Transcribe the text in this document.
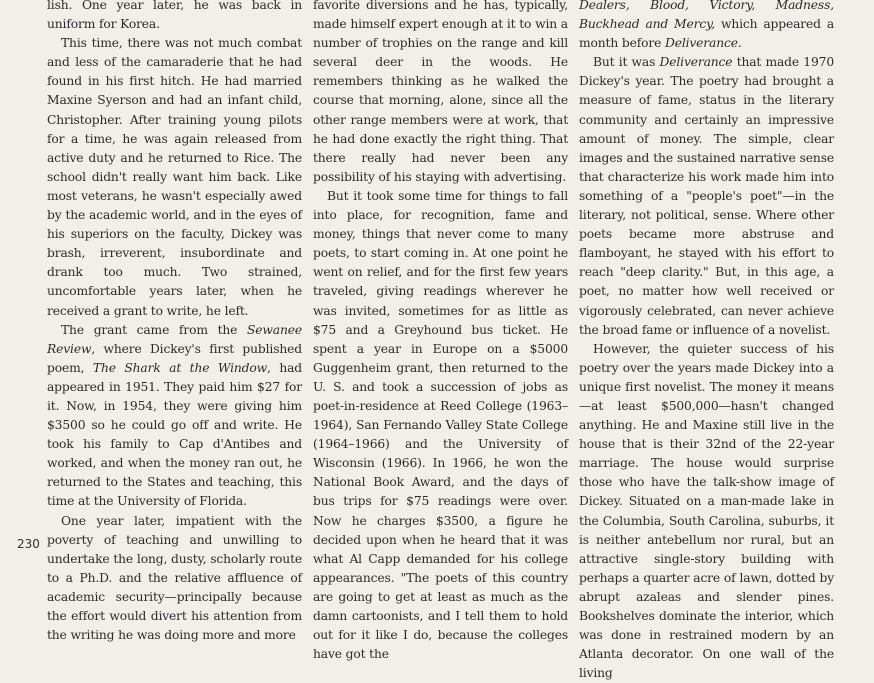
lish. One year later, he was back in uniform for Korea.

This time, there was not much combat and less of the camaraderie that he had found in his first hitch. He had married Maxine Syerson and had an infant child, Christopher. After training young pilots for a time, he was again released from active duty and he returned to Rice. The school didn't really want him back. Like most veterans, he wasn't especially awed by the academic world, and in the eyes of his superiors on the faculty, Dickey was brash, irreverent, insubordinate and drank too much. Two strained, uncomfortable years later, when he received a grant to write, he left.

The grant came from the Sewanee Review, where Dickey's first published poem, The Shark at the Window, had appeared in 1951. They paid him $27 for it. Now, in 1954, they were giving him $3500 so he could go off and write. He took his family to Cap d'Antibes and worked, and when the money ran out, he returned to the States and teaching, this time at the University of Florida.

One year later, impatient with the poverty of teaching and unwilling to undertake the long, dusty, scholarly route to a Ph.D. and the relative affluence of academic security—principally because the effort would divert his attention from the writing he was doing more and more

favorite diversions and he has, typically, made himself expert enough at it to win a number of trophies on the range and kill several deer in the woods. He remembers thinking as he walked the course that morning, alone, since all the other range members were at work, that he had done exactly the right thing. That there really had never been any possibility of his staying with advertising.

But it took some time for things to fall into place, for recognition, fame and money, things that never come to many poets, to start coming in. At one point he went on relief, and for the first few years traveled, giving readings wherever he was invited, sometimes for as little as $75 and a Greyhound bus ticket. He spent a year in Europe on a $5000 Guggenheim grant, then returned to the U. S. and took a succession of jobs as poet-in-residence at Reed College (1963–1964), San Fernando Valley State College (1964–1966) and the University of Wisconsin (1966). In 1966, he won the National Book Award, and the days of bus trips for $75 readings were over. Now he charges $3500, a figure he decided upon when he heard that it was what Al Capp demanded for his college appearances. "The poets of this country are going to get at least as much as the damn cartoonists, and I tell them to hold out for it like I do, because the colleges have got the

Dealers, Blood, Victory, Madness, Buckhead and Mercy, which appeared a month before Deliverance.

But it was Deliverance that made 1970 Dickey's year. The poetry had brought a measure of fame, status in the literary community and certainly an impressive amount of money. The simple, clear images and the sustained narrative sense that characterize his work made him into something of a "people's poet"—in the literary, not political, sense. Where other poets became more abstruse and flamboyant, he stayed with his effort to reach "deep clarity." But, in this age, a poet, no matter how well received or vigorously celebrated, can never achieve the broad fame or influence of a novelist.

However, the quieter success of his poetry over the years made Dickey into a unique first novelist. The money it means—at least $500,000—hasn't changed anything. He and Maxine still live in the house that is their 32nd of the 22-year marriage. The house would surprise those who have the talk-show image of Dickey. Situated on a man-made lake in the Columbia, South Carolina, suburbs, it is neither antebellum nor rural, but an attractive single-story building with perhaps a quarter acre of lawn, dotted by abrupt azaleas and slender pines. Bookshelves dominate the interior, which was done in restrained modern by an Atlanta decorator. On one wall of the living

230
